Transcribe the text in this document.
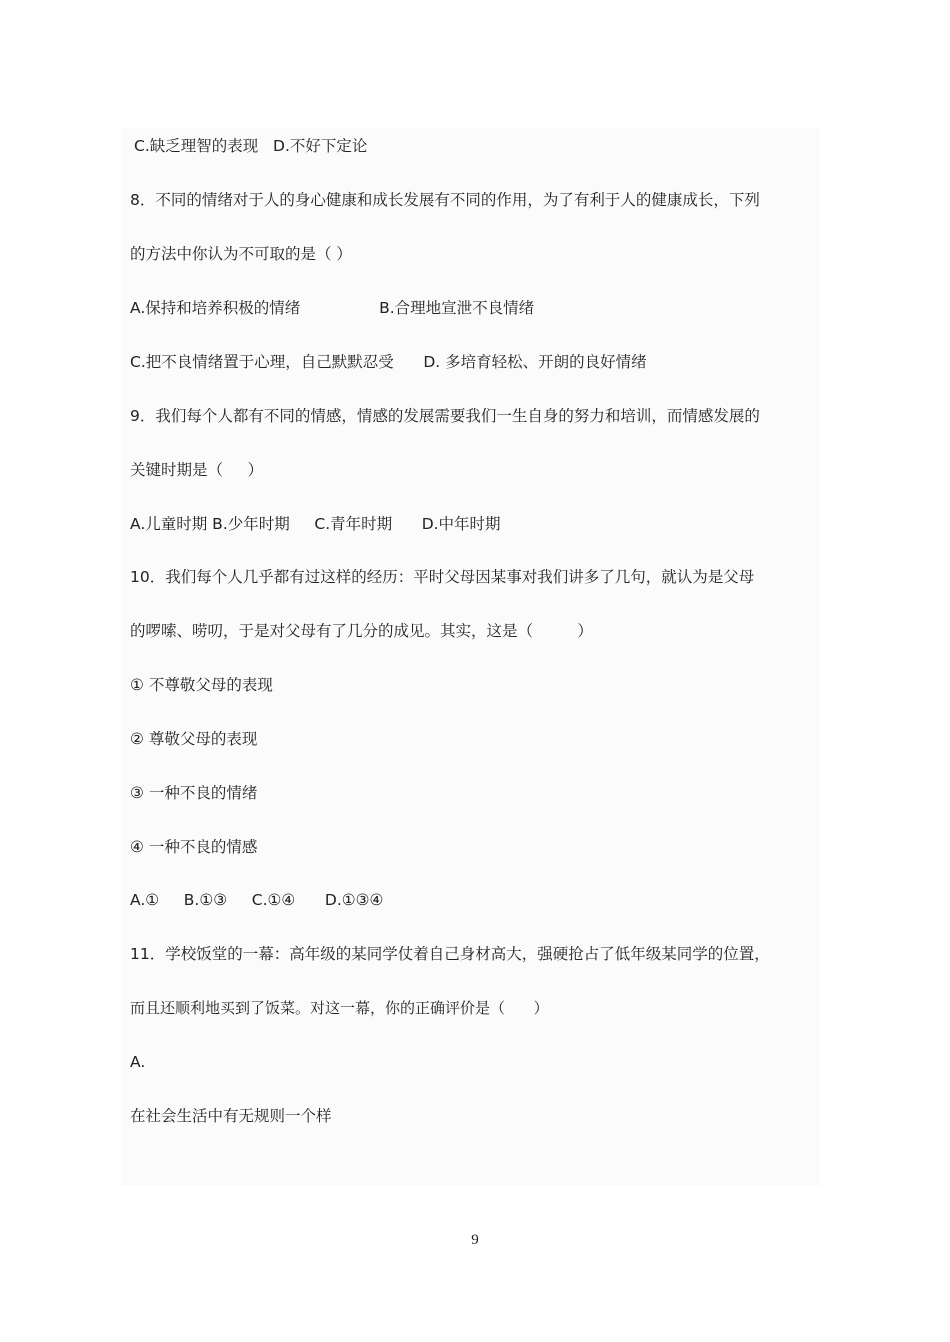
C.缺乏理智的表现   D.不好下定论
8．不同的情绪对于人的身心健康和成长发展有不同的作用，为了有利于人的健康成长，下列
的方法中你认为不可取的是（ ）
A.保持和培养积极的情绪                B.合理地宣泄不良情绪
C.把不良情绪置于心理，自己默默忍受      D. 多培育轻松、开朗的良好情绪
9．我们每个人都有不同的情感，情感的发展需要我们一生自身的努力和培训，而情感发展的
关键时期是（     ）
A.儿童时期 B.少年时期     C.青年时期      D.中年时期
10．我们每个人几乎都有过这样的经历：平时父母因某事对我们讲多了几句，就认为是父母
的啰嗦、唠叨，于是对父母有了几分的成见。其实，这是（         ）
① 不尊敬父母的表现
② 尊敬父母的表现
③ 一种不良的情绪
④ 一种不良的情感
A.①     B.①③     C.①④      D.①③④
11．学校饭堂的一幕：高年级的某同学仗着自己身材高大，强硬抢占了低年级某同学的位置，
而且还顺利地买到了饭菜。对这一幕，你的正确评价是（      ）
A.
在社会生活中有无规则一个样
9
